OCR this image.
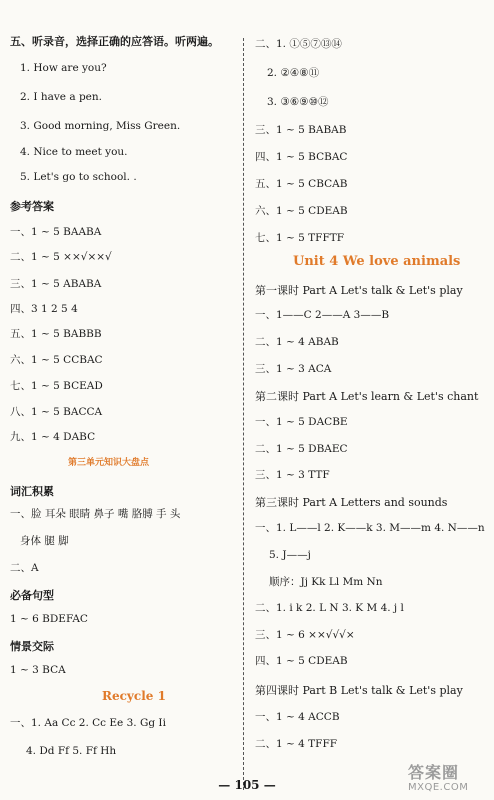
五、听录音，选择正确的应答语。听两遍。
1. How are you?
2. I have a pen.
3. Good morning, Miss Green.
4. Nice to meet you.
5. Let's go to school. .
参考答案
一、1 ~ 5 BAABA
二、1 ~ 5 ××√××√
三、1 ~ 5 ABABA
四、3 1 2 5 4
五、1 ~ 5 BABBB
六、1 ~ 5 CCBAC
七、1 ~ 5 BCEAD
八、1 ~ 5 BACCA
九、1 ~ 4 DABC
第三单元知识大盘点
词汇积累
一、脸 耳朵 眼睛 鼻子 嘴 胳膊 手 头
身体 腿 脚
二、A
必备句型
1 ~ 6 BDEFAC
情景交际
1 ~ 3 BCA
Recycle 1
一、1. Aa Cc 2. Cc Ee 3. Gg Ii
4. Dd Ff 5. Ff Hh
二、1. ①⑤⑦⑬⑭
2. ②④⑧⑪
3. ③⑥⑨⑩⑫
三、1 ~ 5 BABAB
四、1 ~ 5 BCBAC
五、1 ~ 5 CBCAB
六、1 ~ 5 CDEAB
七、1 ~ 5 TFFTF
Unit 4 We love animals
第一课时 Part A Let's talk & Let's play
一、1——C 2——A 3——B
二、1 ~ 4 ABAB
三、1 ~ 3 ACA
第二课时 Part A Let's learn & Let's chant
一、1 ~ 5 DACBE
二、1 ~ 5 DBAEC
三、1 ~ 3 TTF
第三课时 Part A Letters and sounds
一、1. L——l 2. K——k 3. M——m 4. N——n
5. J——j
顺序：Jj Kk Ll Mm Nn
二、1. i k 2. L N 3. K M 4. j l
三、1 ~ 6 ××√√√×
四、1 ~ 5 CDEAB
第四课时 Part B Let's talk & Let's play
一、1 ~ 4 ACCB
二、1 ~ 4 TFFF
— 105 —
答案圈
MXQE.COM
